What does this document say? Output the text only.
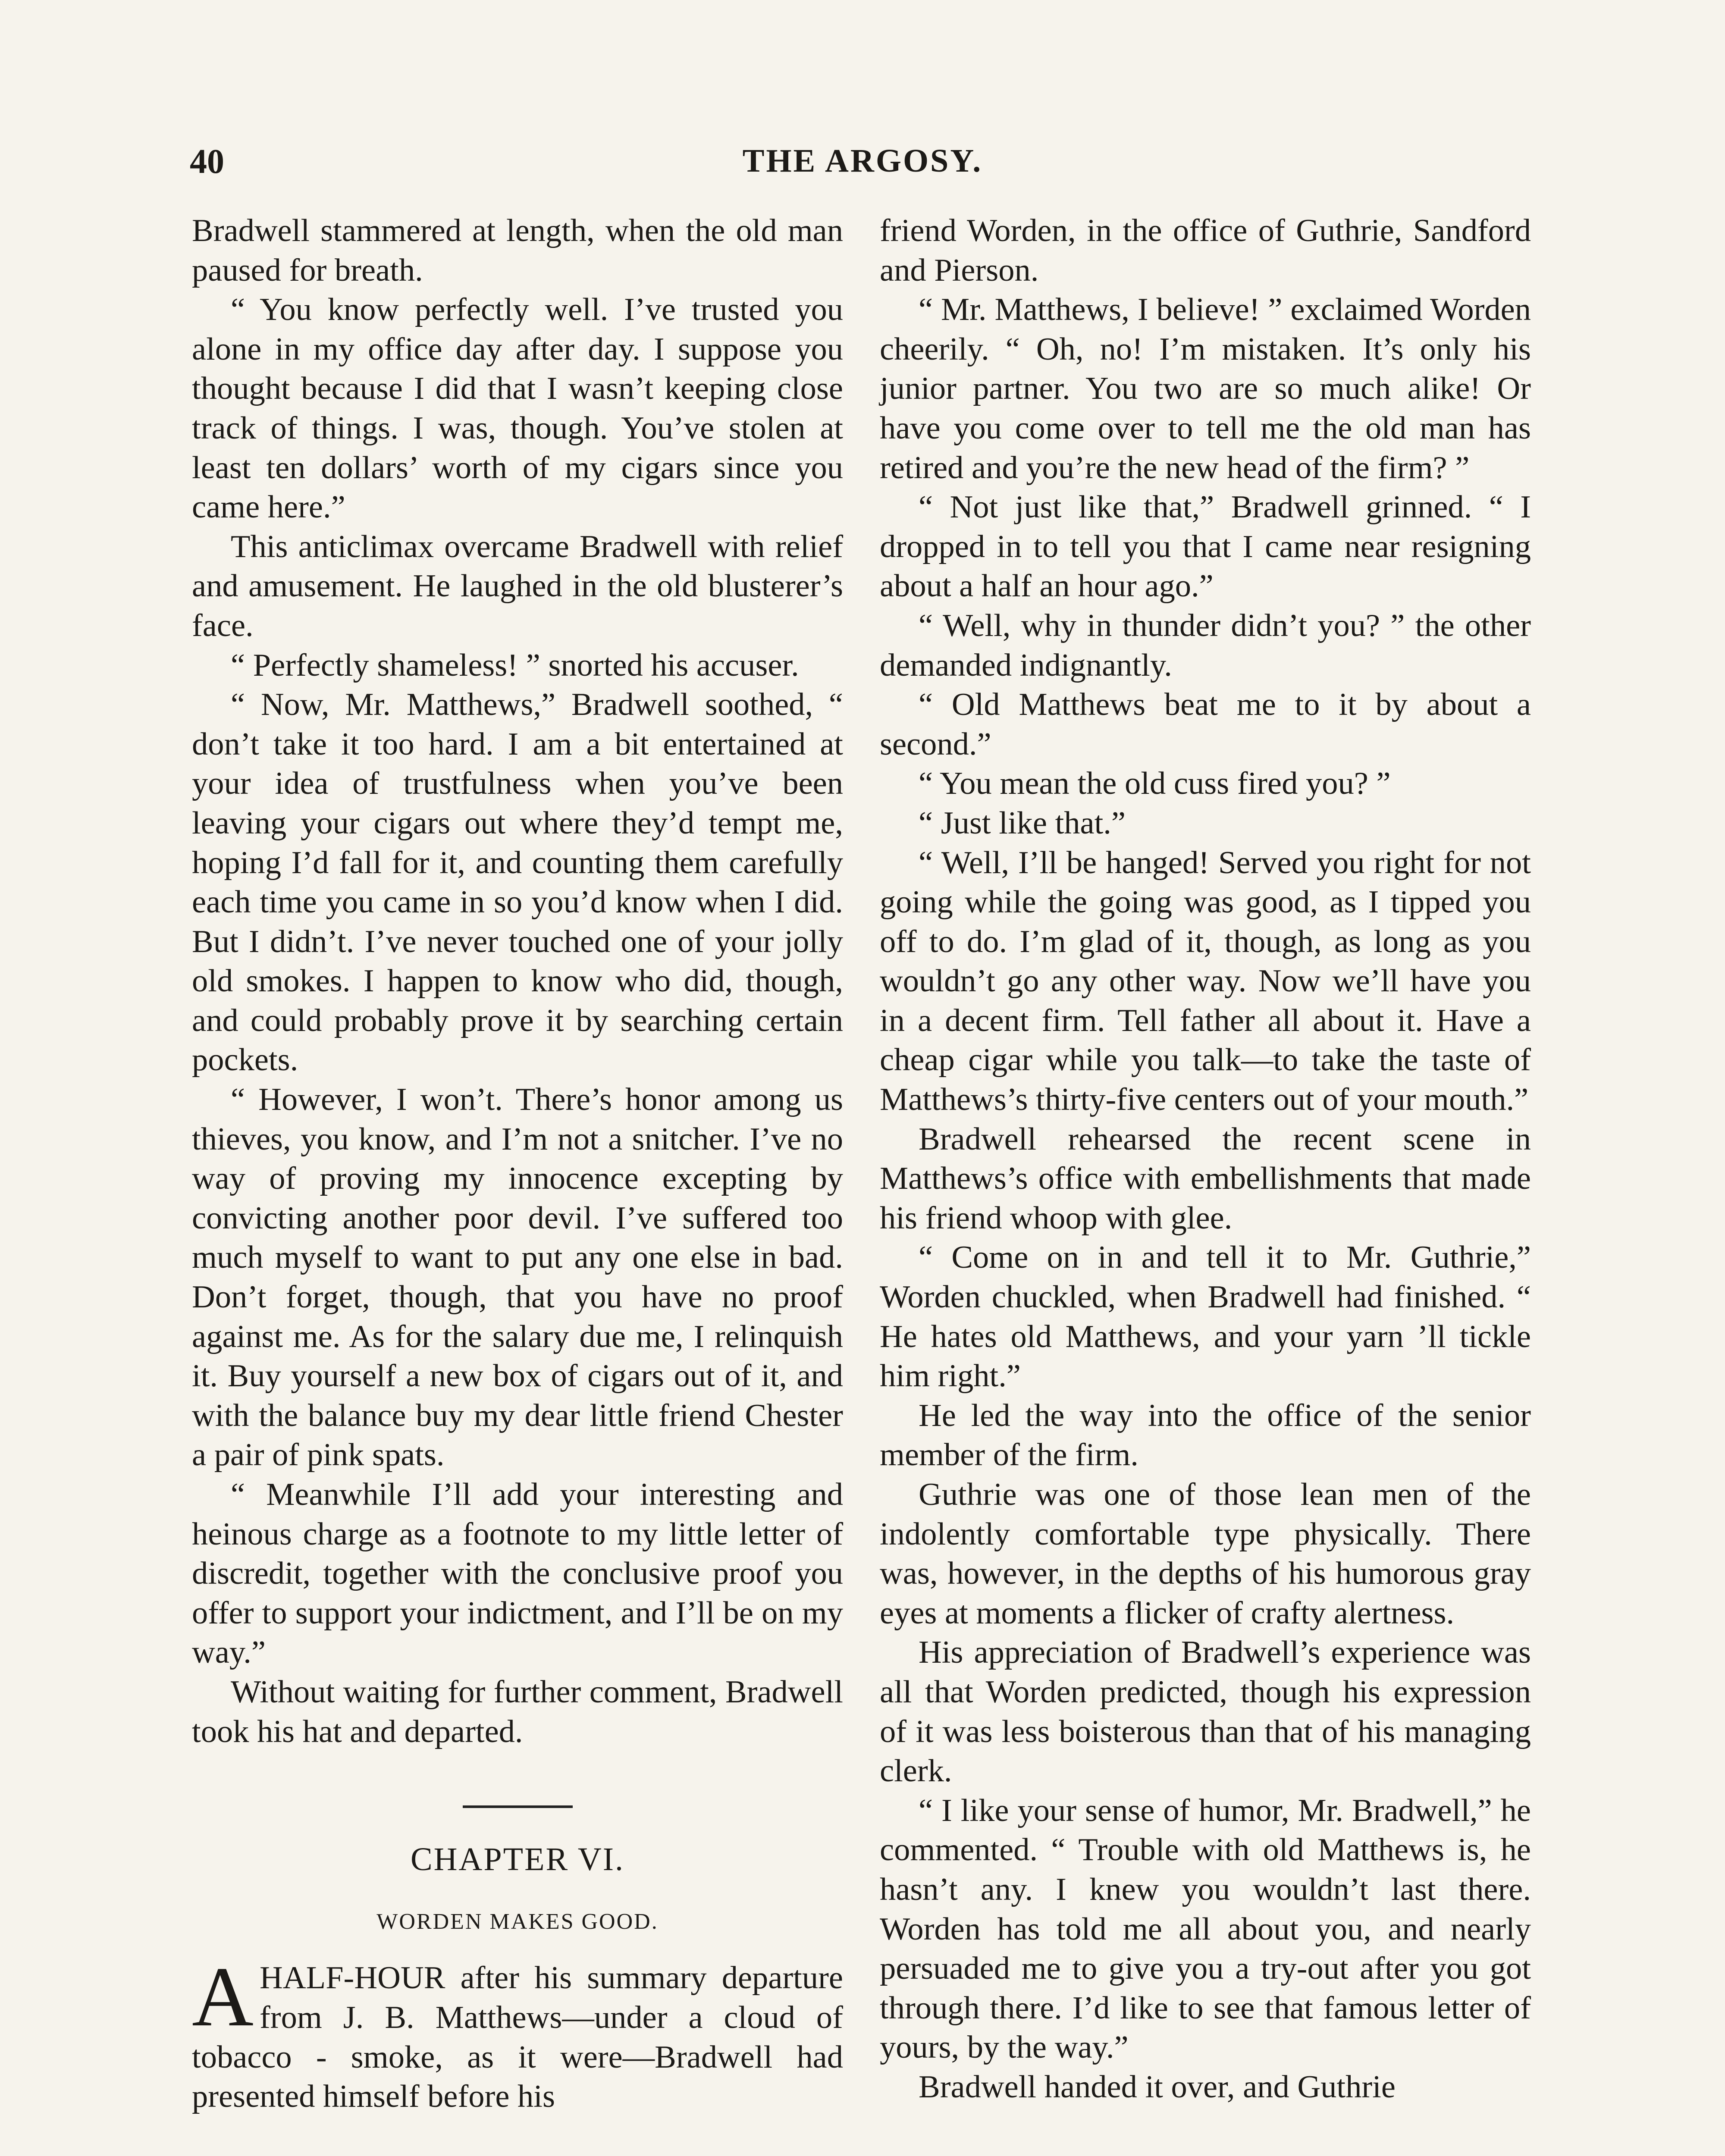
40	THE ARGOSY.

Bradwell stammered at length, when the old man paused for breath.

“ You know perfectly well. I’ve trusted you alone in my office day after day. I suppose you thought because I did that I wasn’t keeping close track of things. I was, though. You’ve stolen at least ten dollars’ worth of my cigars since you came here.”

This anticlimax overcame Bradwell with relief and amusement. He laughed in the old blusterer’s face.

“ Perfectly shameless! ” snorted his accuser.

“ Now, Mr. Matthews,” Bradwell soothed, “ don’t take it too hard. I am a bit entertained at your idea of trustfulness when you’ve been leaving your cigars out where they’d tempt me, hoping I’d fall for it, and counting them carefully each time you came in so you’d know when I did. But I didn’t. I’ve never touched one of your jolly old smokes. I happen to know who did, though, and could probably prove it by searching certain pockets.

“ However, I won’t. There’s honor among us thieves, you know, and I’m not a snitcher. I’ve no way of proving my innocence excepting by convicting another poor devil. I’ve suffered too much myself to want to put any one else in bad. Don’t forget, though, that you have no proof against me. As for the salary due me, I relinquish it. Buy yourself a new box of cigars out of it, and with the balance buy my dear little friend Chester a pair of pink spats.

“ Meanwhile I’ll add your interesting and heinous charge as a footnote to my little letter of discredit, together with the conclusive proof you offer to support your indictment, and I’ll be on my way.”

Without waiting for further comment, Bradwell took his hat and departed.

CHAPTER VI.
WORDEN MAKES GOOD.

AHALF-HOUR after his summary departure from J. B. Matthews—under a cloud of tobacco - smoke, as it were—Bradwell had presented himself before his

friend Worden, in the office of Guthrie, Sandford and Pierson.

“ Mr. Matthews, I believe! ” exclaimed Worden cheerily. “ Oh, no! I’m mistaken. It’s only his junior partner. You two are so much alike! Or have you come over to tell me the old man has retired and you’re the new head of the firm? ”

“ Not just like that,” Bradwell grinned. “ I dropped in to tell you that I came near resigning about a half an hour ago.”

“ Well, why in thunder didn’t you? ” the other demanded indignantly.

“ Old Matthews beat me to it by about a second.”

“ You mean the old cuss fired you? ”

“ Just like that.”

“ Well, I’ll be hanged! Served you right for not going while the going was good, as I tipped you off to do. I’m glad of it, though, as long as you wouldn’t go any other way. Now we’ll have you in a decent firm. Tell father all about it. Have a cheap cigar while you talk—to take the taste of Matthews’s thirty-five centers out of your mouth.”

Bradwell rehearsed the recent scene in Matthews’s office with embellishments that made his friend whoop with glee.

“ Come on in and tell it to Mr. Guthrie,” Worden chuckled, when Bradwell had finished. “ He hates old Matthews, and your yarn ’ll tickle him right.”

He led the way into the office of the senior member of the firm.

Guthrie was one of those lean men of the indolently comfortable type physically. There was, however, in the depths of his humorous gray eyes at moments a flicker of crafty alertness.

His appreciation of Bradwell’s experience was all that Worden predicted, though his expression of it was less boisterous than that of his managing clerk.

“ I like your sense of humor, Mr. Bradwell,” he commented. “ Trouble with old Matthews is, he hasn’t any. I knew you wouldn’t last there. Worden has told me all about you, and nearly persuaded me to give you a try-out after you got through there. I’d like to see that famous letter of yours, by the way.”

Bradwell handed it over, and Guthrie
